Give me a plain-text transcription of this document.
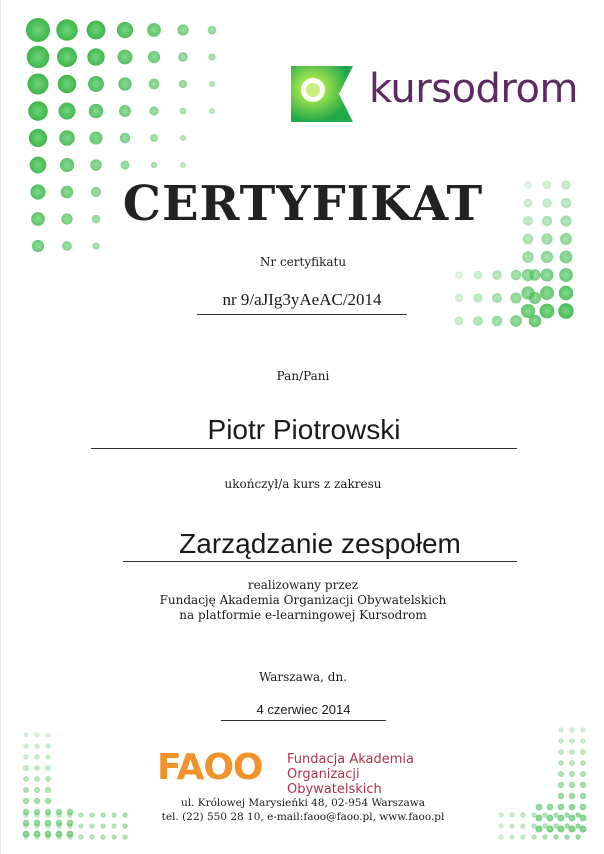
kursodrom
CERTYFIKAT
Nr certyfikatu
nr 9/aJIg3yAeAC/2014
Pan/Pani
Piotr Piotrowski
ukończył/a kurs z zakresu
Zarządzanie zespołem
realizowany przez
Fundację Akademia Organizacji Obywatelskich
na platformie e-learningowej Kursodrom
Warszawa, dn.
4 czerwiec 2014
FAOO Fundacja Akademia
Organizacji Obywatelskich
ul. Królowej Marysieńki 48, 02-954 Warszawa
tel. (22) 550 28 10, e-mail:faoo@faoo.pl, www.faoo.pl
